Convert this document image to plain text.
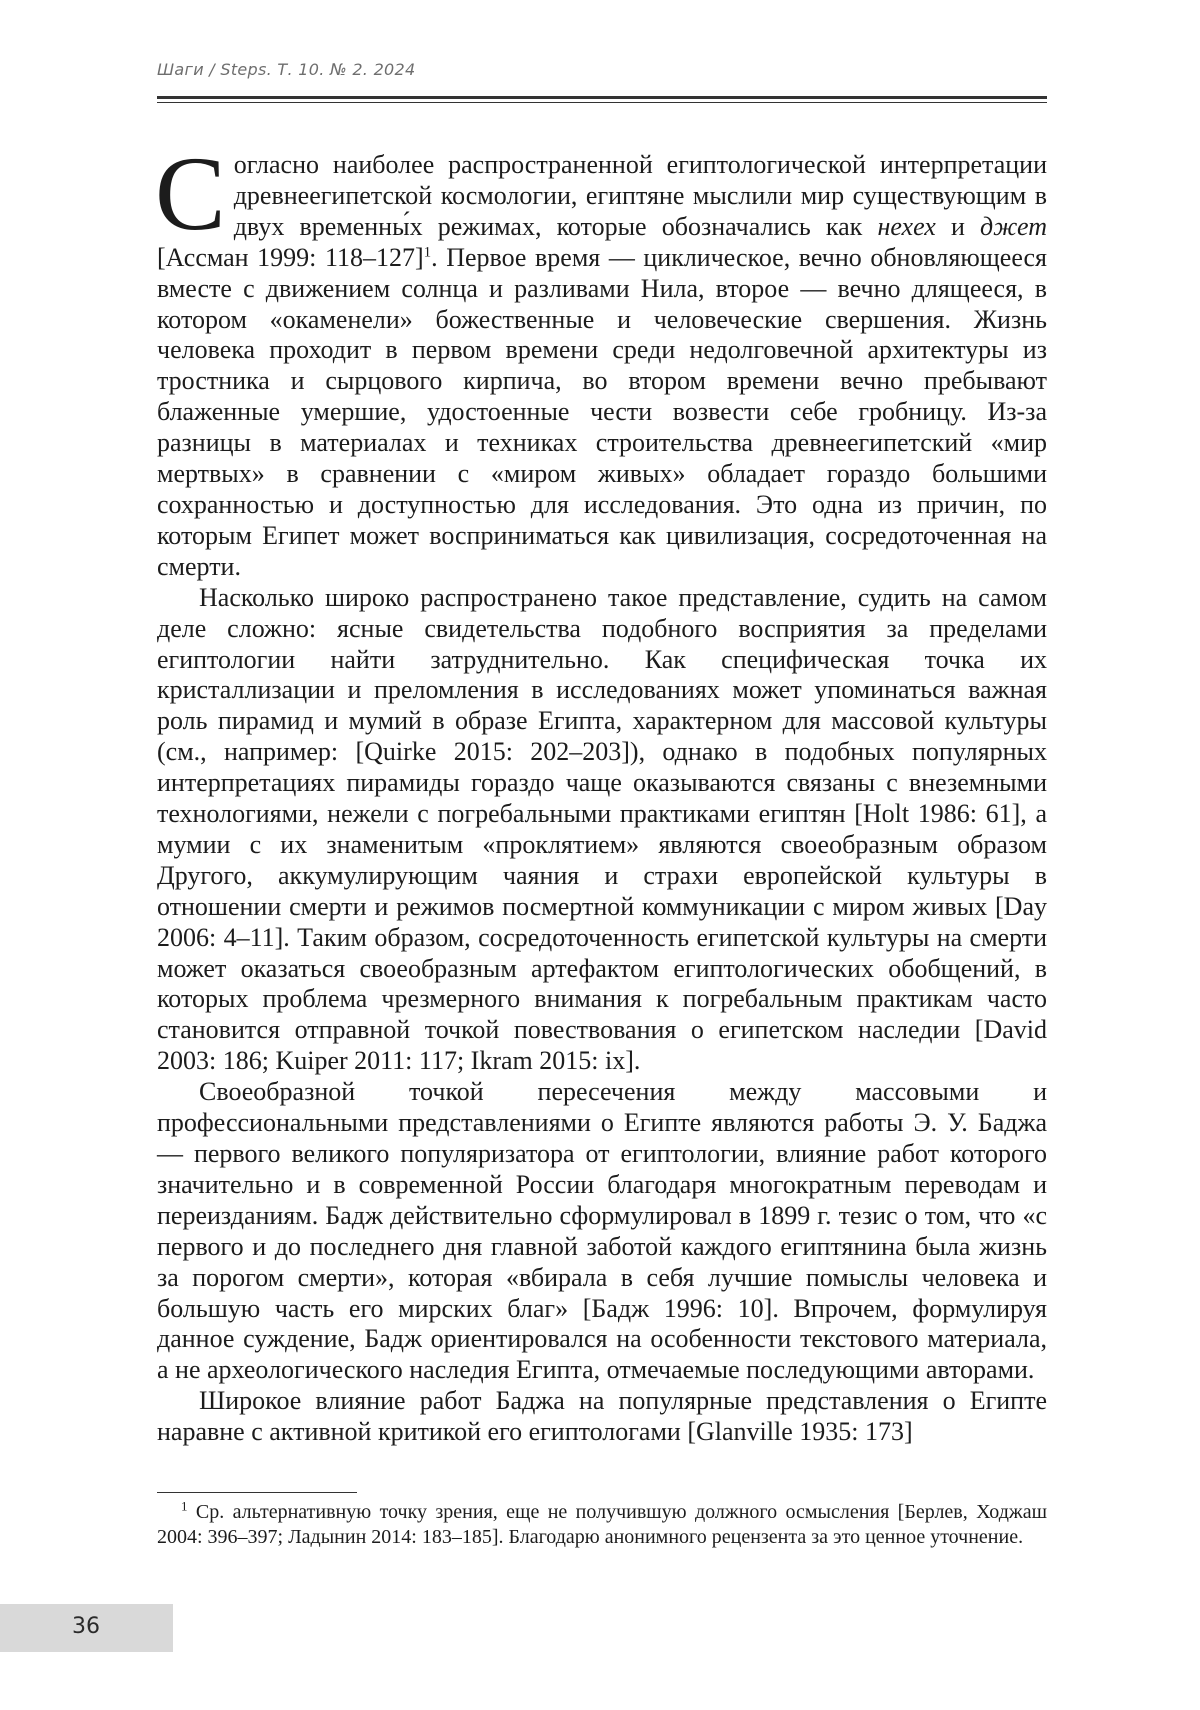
Шаги / Steps. Т. 10. № 2. 2024

Согласно наиболее распространенной египтологической интерпретации древнеегипетской космологии, египтяне мыслили мир существующим в двух временны́х режимах, которые обозначались как нехех и джет [Ассман 1999: 118–127]$^1$. Первое время — циклическое, вечно обновляющееся вместе с движением солнца и разливами Нила, второе — вечно длящееся, в котором «окаменели» божественные и человеческие свершения. Жизнь человека проходит в первом времени среди недолговечной архитектуры из тростника и сырцового кирпича, во втором времени вечно пребывают блаженные умершие, удостоенные чести возвести себе гробницу. Из-за разницы в материалах и техниках строительства древнеегипетский «мир мертвых» в сравнении с «миром живых» обладает гораздо большими сохранностью и доступностью для исследования. Это одна из причин, по которым Египет может восприниматься как цивилизация, сосредоточенная на смерти.

Насколько широко распространено такое представление, судить на самом деле сложно: ясные свидетельства подобного восприятия за пределами египтологии найти затруднительно. Как специфическая точка их кристаллизации и преломления в исследованиях может упоминаться важная роль пирамид и мумий в образе Египта, характерном для массовой культуры (см., например: [Quirke 2015: 202–203]), однако в подобных популярных интерпретациях пирамиды гораздо чаще оказываются связаны с внеземными технологиями, нежели с погребальными практиками египтян [Holt 1986: 61], а мумии с их знаменитым «проклятием» являются своеобразным образом Другого, аккумулирующим чаяния и страхи европейской культуры в отношении смерти и режимов посмертной коммуникации с миром живых [Day 2006: 4–11]. Таким образом, сосредоточенность египетской культуры на смерти может оказаться своеобразным артефактом египтологических обобщений, в которых проблема чрезмерного внимания к погребальным практикам часто становится отправной точкой повествования о египетском наследии [David 2003: 186; Kuiper 2011: 117; Ikram 2015: ix].

Своеобразной точкой пересечения между массовыми и профессиональными представлениями о Египте являются работы Э. У. Баджа — первого великого популяризатора от египтологии, влияние работ которого значительно и в современной России благодаря многократным переводам и переизданиям. Бадж действительно сформулировал в 1899 г. тезис о том, что «с первого и до последнего дня главной заботой каждого египтянина была жизнь за порогом смерти», которая «вбирала в себя лучшие помыслы человека и большую часть его мирских благ» [Бадж 1996: 10]. Впрочем, формулируя данное суждение, Бадж ориентировался на особенности текстового материала, а не археологического наследия Египта, отмечаемые последующими авторами.

Широкое влияние работ Баджа на популярные представления о Египте наравне с активной критикой его египтологами [Glanville 1935: 173]

$^1$ Ср. альтернативную точку зрения, еще не получившую должного осмысления [Берлев, Ходжаш 2004: 396–397; Ладынин 2014: 183–185]. Благодарю анонимного рецензента за это ценное уточнение.
36
